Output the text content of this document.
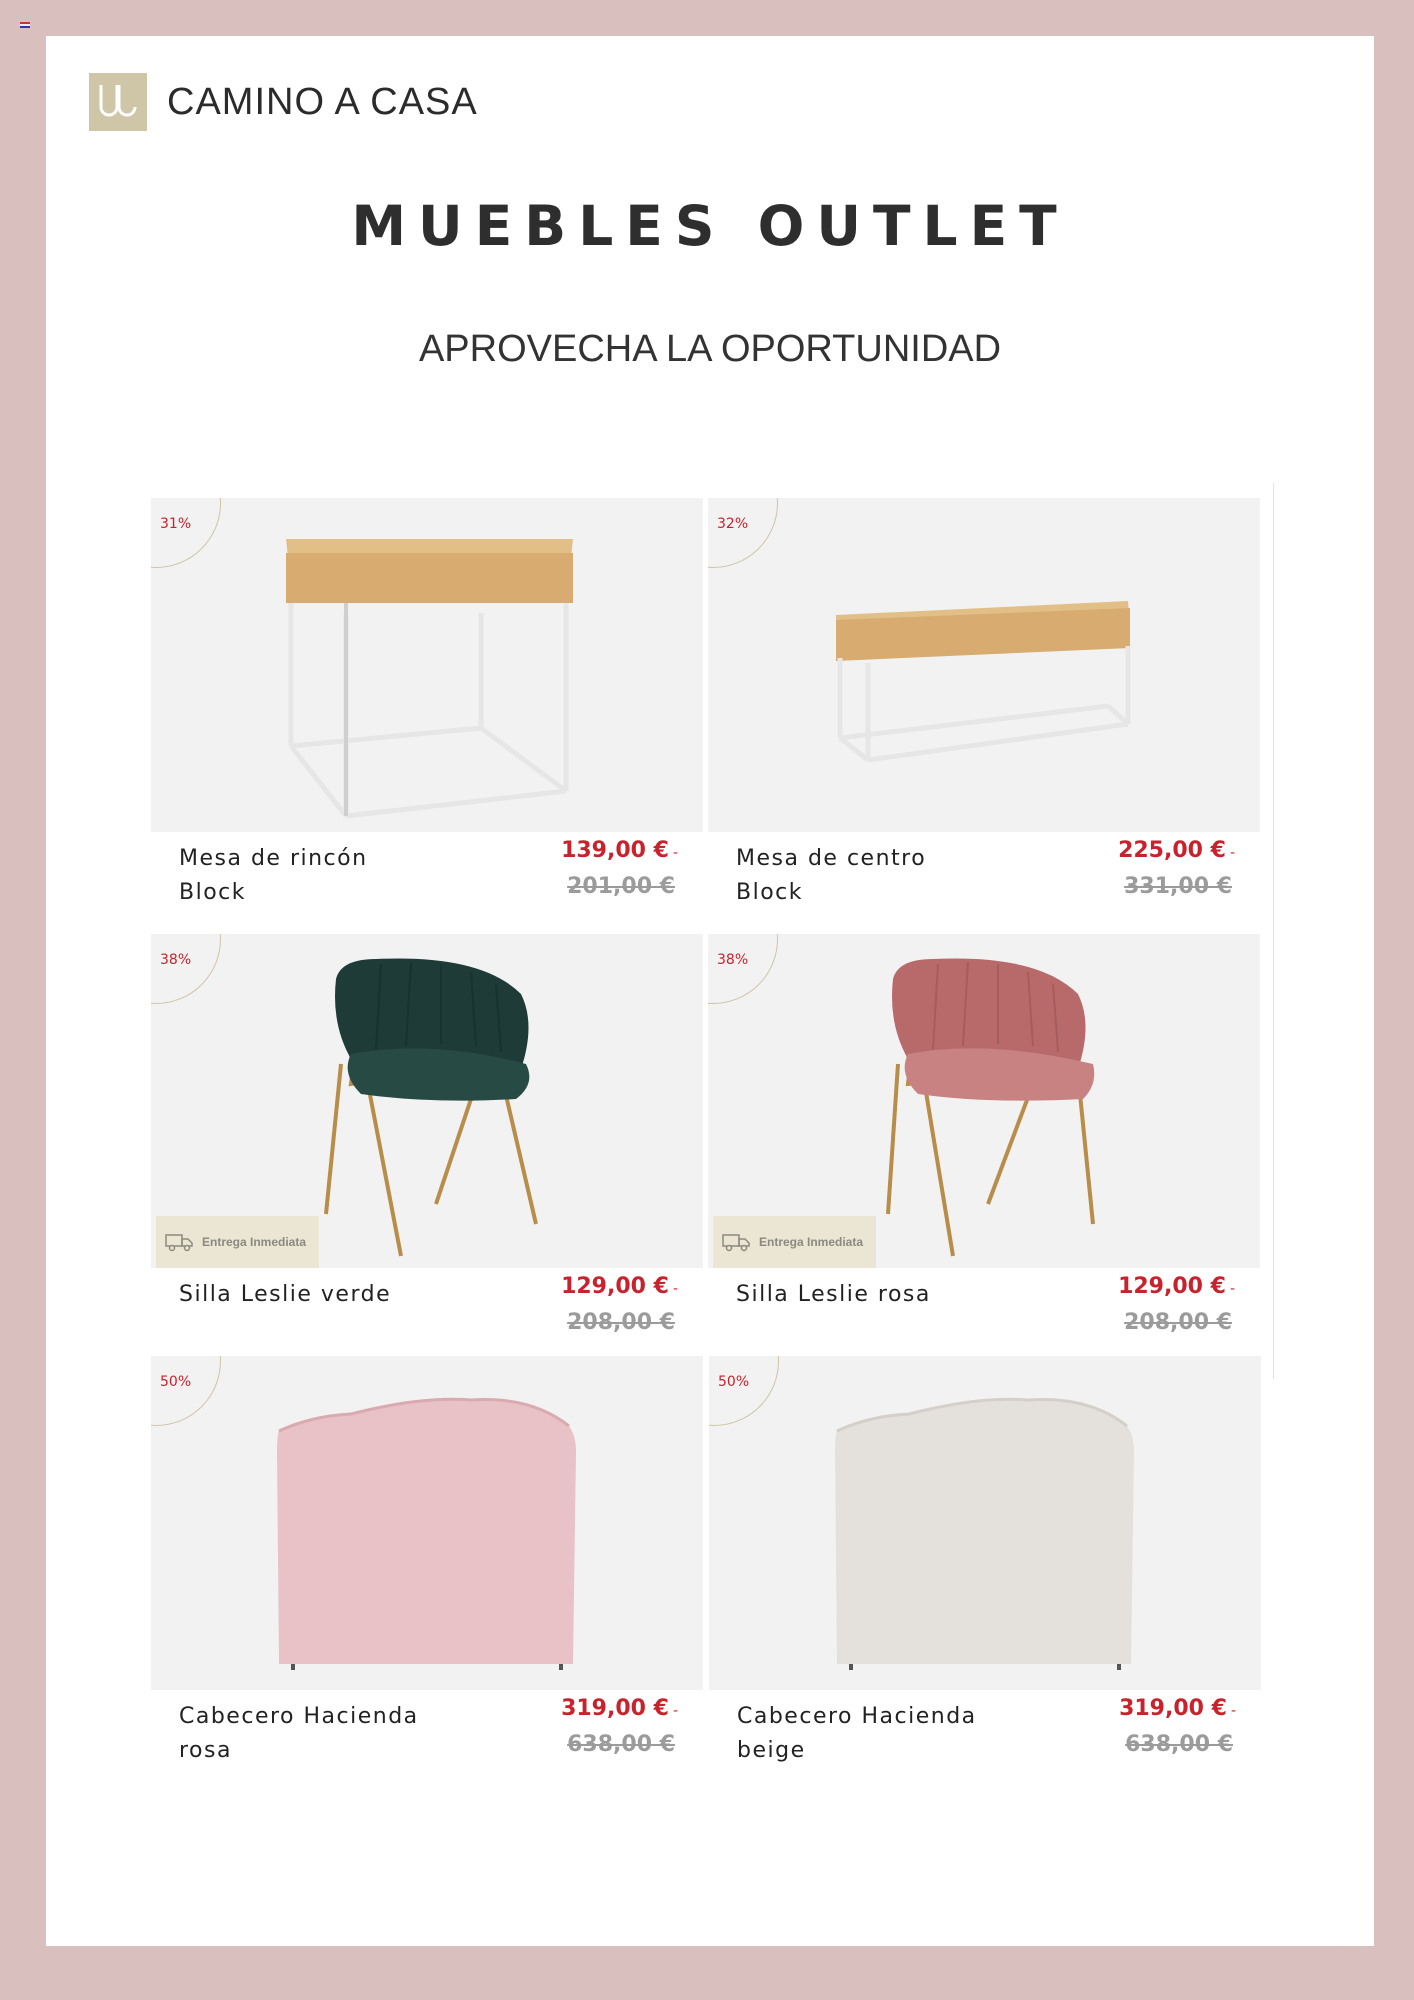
CAMINO A CASA
MUEBLES OUTLET
APROVECHA LA OPORTUNIDAD
31%
Mesa de rincón
Block
139,00 € -
201,00 €
32%
Mesa de centro
Block
225,00 € -
331,00 €
38%
Entrega Inmediata
Silla Leslie verde	129,00 € -
208,00 €
38%
Entrega Inmediata
Silla Leslie rosa	129,00 € -
208,00 €
50%
Cabecero Hacienda
rosa
319,00 € -
638,00 €
50%
Cabecero Hacienda
beige
319,00 € -
638,00 €
